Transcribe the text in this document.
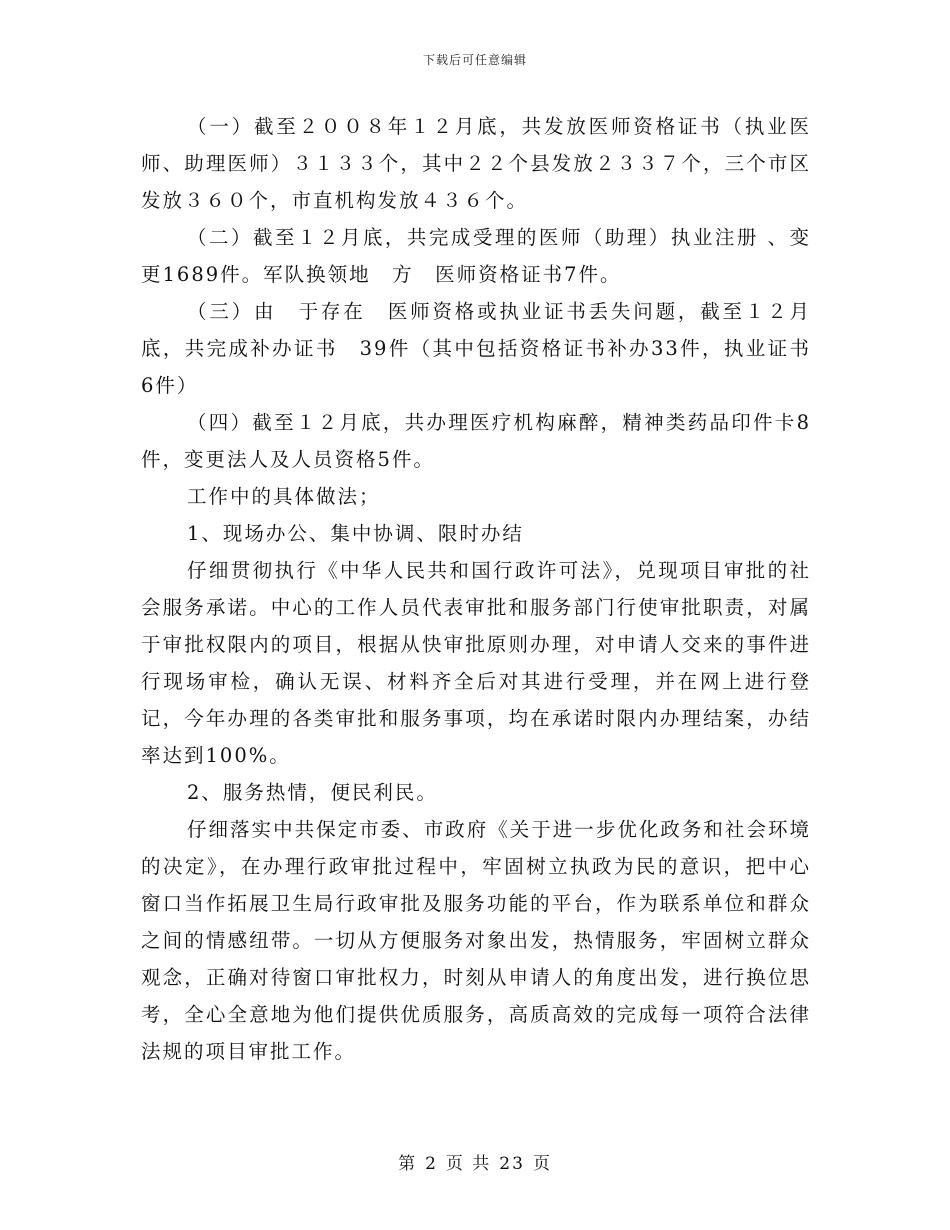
下载后可任意编辑

（一）截至２００８年１２月底，共发放医师资格证书（执业医师、助理医师）３１３３个，其中２２个县发放２３３７个，三个市区发放３６０个，市直机构发放４３６个。

（二）截至１２月底，共完成受理的医师（助理）执业注册 、变更1689件。军队换领地　方　医师资格证书7件。

（三）由　于存在　医师资格或执业证书丢失问题，截至１２月底，共完成补办证书　39件（其中包括资格证书补办33件，执业证书6件）

（四）截至１２月底，共办理医疗机构麻醉，精神类药品印件卡8 件，变更法人及人员资格5件。

工作中的具体做法；

1、现场办公、集中协调、限时办结

仔细贯彻执行《中华人民共和国行政许可法》，兑现项目审批的社会服务承诺。中心的工作人员代表审批和服务部门行使审批职责，对属于审批权限内的项目，根据从快审批原则办理，对申请人交来的事件进行现场审检，确认无误、材料齐全后对其进行受理，并在网上进行登记，今年办理的各类审批和服务事项，均在承诺时限内办理结案，办结率达到100%。

2、服务热情，便民利民。

仔细落实中共保定市委、市政府《关于进一步优化政务和社会环境的决定》，在办理行政审批过程中，牢固树立执政为民的意识，把中心窗口当作拓展卫生局行政审批及服务功能的平台，作为联系单位和群众之间的情感纽带。一切从方便服务对象出发，热情服务，牢固树立群众观念，正确对待窗口审批权力，时刻从申请人的角度出发，进行换位思考，全心全意地为他们提供优质服务，高质高效的完成每一项符合法律法规的项目审批工作。

第 2 页 共 23 页
